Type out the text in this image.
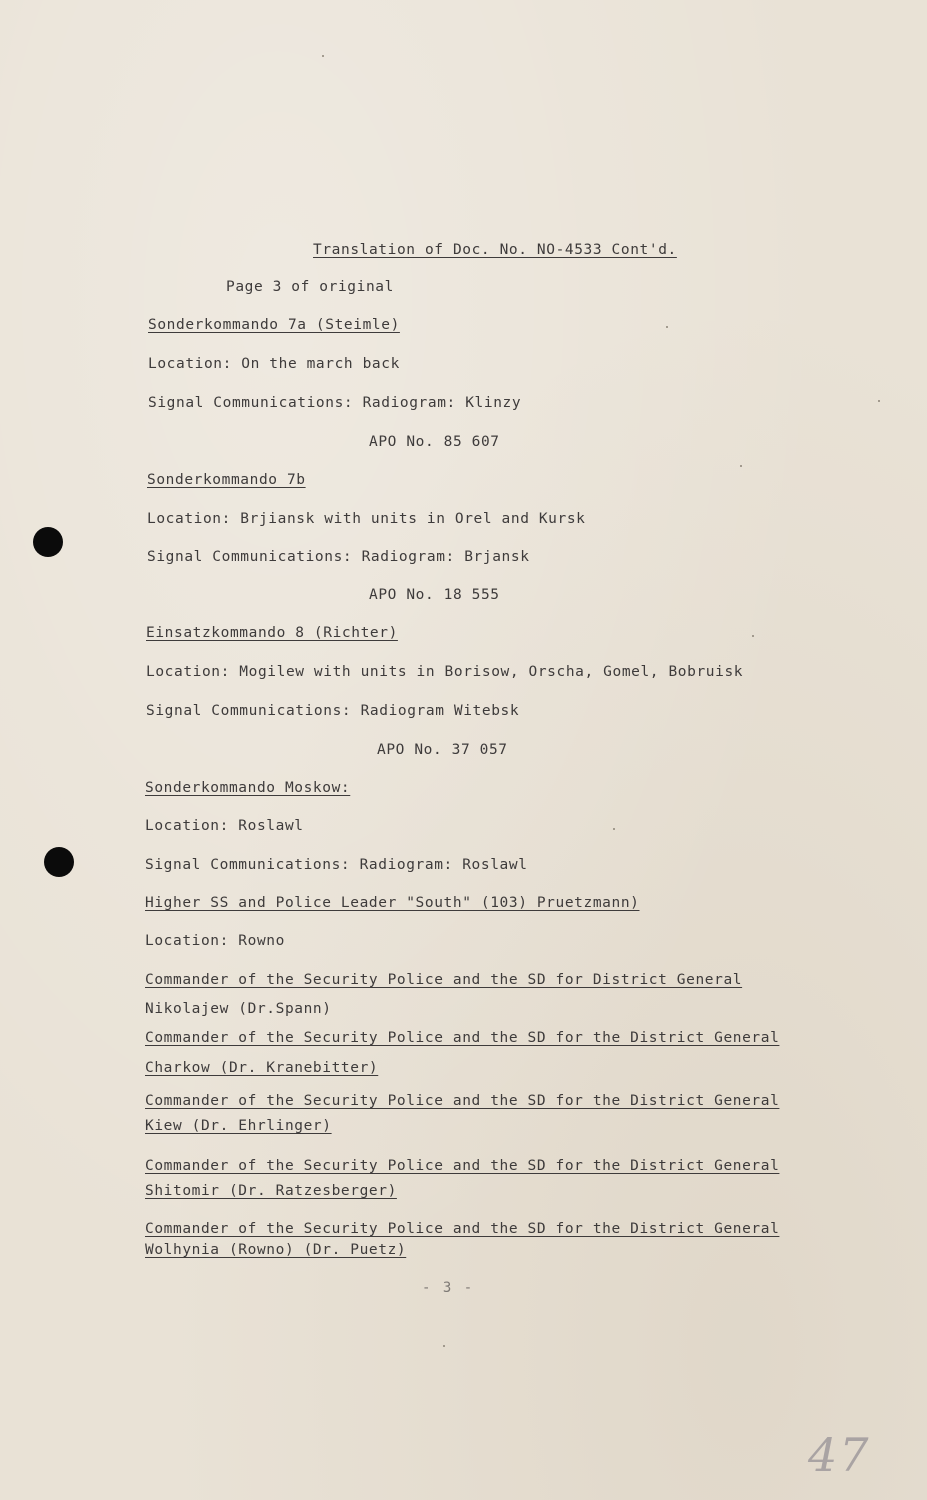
Translation of Doc. No. NO-4533 Cont'd.
Page 3 of original
Sonderkommando 7a (Steimle)
Location: On the march back
Signal Communications: Radiogram: Klinzy
APO No. 85 607
Sonderkommando 7b
Location: Brjiansk with units in Orel and Kursk
Signal Communications: Radiogram: Brjansk
APO No. 18 555
Einsatzkommando 8 (Richter)
Location: Mogilew with units in Borisow, Orscha, Gomel, Bobruisk
Signal Communications: Radiogram Witebsk
APO No. 37 057
Sonderkommando Moskow:
Location: Roslawl
Signal Communications: Radiogram: Roslawl
Higher SS and Police Leader "South" (103) Pruetzmann)
Location: Rowno
Commander of the Security Police and the SD for District General
Nikolajew (Dr.Spann)
Commander of the Security Police and the SD for the District General
Charkow (Dr. Kranebitter)
Commander of the Security Police and the SD for the District General
Kiew (Dr. Ehrlinger)
Commander of the Security Police and the SD for the District General
Shitomir (Dr. Ratzesberger)
Commander of the Security Police and the SD for the District General
Wolhynia (Rowno) (Dr. Puetz)
- 3 -
47
